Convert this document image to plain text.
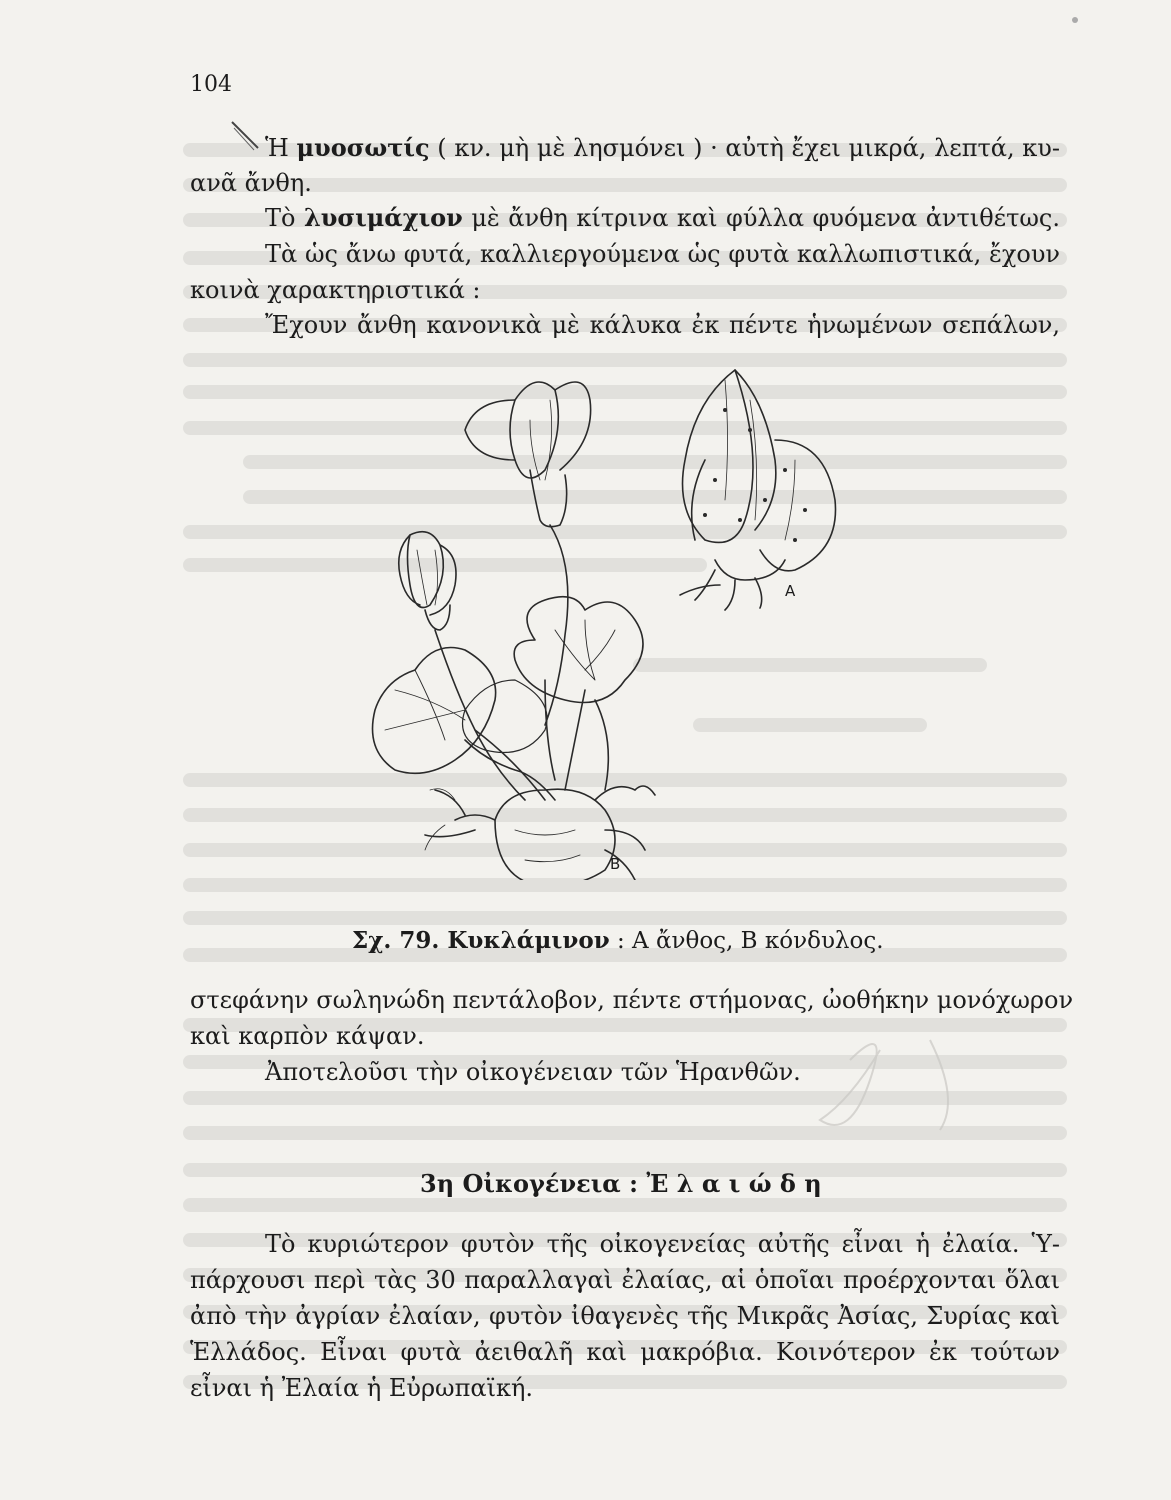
104
Ἡ μυοσωτίς ( κν. μὴ μὲ λησμόνει ) · αὐτὴ ἔχει μικρά, λεπτά, κυ-
ανᾶ ἄνθη.
Τὸ λυσιμάχιον μὲ ἄνθη κίτρινα καὶ φύλλα φυόμενα ἀντιθέτως.
Τὰ ὡς ἄνω φυτά, καλλιεργούμενα ὡς φυτὰ καλλωπιστικά, ἔχουν
κοινὰ χαρακτηριστικά :
Ἔχουν ἄνθη κανονικὰ μὲ κάλυκα ἐκ πέντε ἡνωμένων σεπάλων,
Α
Β
Σχ. 79. Κυκλάμινον : Α ἄνθος, Β κόνδυλος.
στεφάνην σωληνώδη πεντάλοβον, πέντε στήμονας, ὠοθήκην μονόχωρον
καὶ καρπὸν κάψαν.
Ἀποτελοῦσι τὴν οἰκογένειαν τῶν Ἡρανθῶν.
3η Οἰκογένεια : Ἐ λ α ι ώ δ η
Τὸ κυριώτερον φυτὸν τῆς οἰκογενείας αὐτῆς εἶναι ἡ ἐλαία. Ὑ-
πάρχουσι περὶ τὰς 30 παραλλαγαὶ ἐλαίας, αἱ ὁποῖαι προέρχονται ὅλαι
ἀπὸ τὴν ἀγρίαν ἐλαίαν, φυτὸν ἰθαγενὲς τῆς Μικρᾶς Ἀσίας, Συρίας καὶ
Ἑλλάδος. Εἶναι φυτὰ ἀειθαλῆ καὶ μακρόβια. Κοινότερον ἐκ τούτων
εἶναι ἡ Ἐλαία ἡ Εὐρωπαϊκή.
